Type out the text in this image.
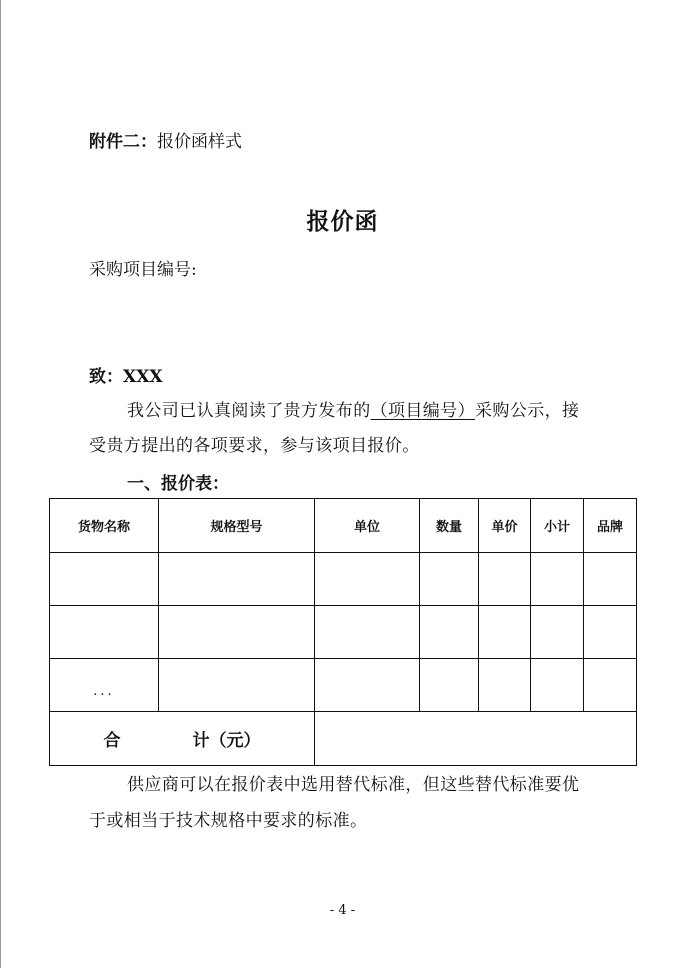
附件二：报价函样式
报价函
采购项目编号:
致：XXX
我公司已认真阅读了贵方发布的（项目编号）采购公示，接
受贵方提出的各项要求，参与该项目报价。
一、报价表：
货物名称	规格型号	单位	数量	单价	小计	品牌

...						
合 计（元）						
供应商可以在报价表中选用替代标准，但这些替代标准要优
于或相当于技术规格中要求的标准。
- 4 -
